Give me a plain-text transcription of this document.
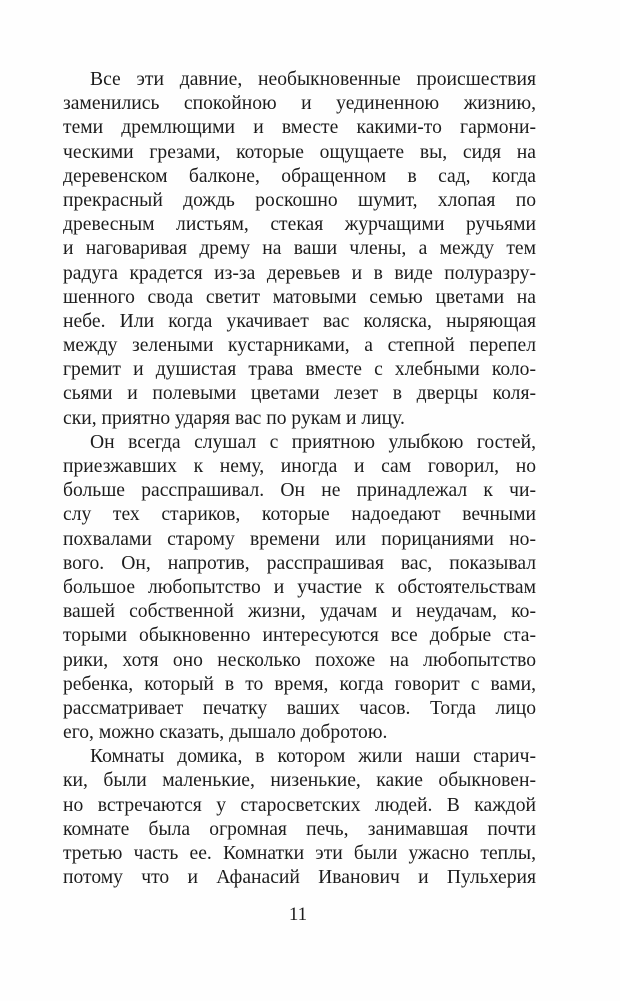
Все эти давние, необыкновенные происшествия
заменились спокойною и уединенною жизнию,
теми дремлющими и вместе какими-то гармони-
ческими грезами, которые ощущаете вы, сидя на
деревенском балконе, обращенном в сад, когда
прекрасный дождь роскошно шумит, хлопая по
древесным листьям, стекая журчащими ручьями
и наговаривая дрему на ваши члены, а между тем
радуга крадется из-за деревьев и в виде полуразру-
шенного свода светит матовыми семью цветами на
небе. Или когда укачивает вас коляска, ныряющая
между зелеными кустарниками, а степной перепел
гремит и душистая трава вместе с хлебными коло-
сьями и полевыми цветами лезет в дверцы коля-
ски, приятно ударяя вас по рукам и лицу.
Он всегда слушал с приятною улыбкою гостей,
приезжавших к нему, иногда и сам говорил, но
больше расспрашивал. Он не принадлежал к чи-
слу тех стариков, которые надоедают вечными
похвалами старому времени или порицаниями но-
вого. Он, напротив, расспрашивая вас, показывал
большое любопытство и участие к обстоятельствам
вашей собственной жизни, удачам и неудачам, ко-
торыми обыкновенно интересуются все добрые ста-
рики, хотя оно несколько похоже на любопытство
ребенка, который в то время, когда говорит с вами,
рассматривает печатку ваших часов. Тогда лицо
его, можно сказать, дышало добротою.
Комнаты домика, в котором жили наши старич-
ки, были маленькие, низенькие, какие обыкновен-
но встречаются у старосветских людей. В каждой
комнате была огромная печь, занимавшая почти
третью часть ее. Комнатки эти были ужасно теплы,
потому что и Афанасий Иванович и Пульхерия
11
